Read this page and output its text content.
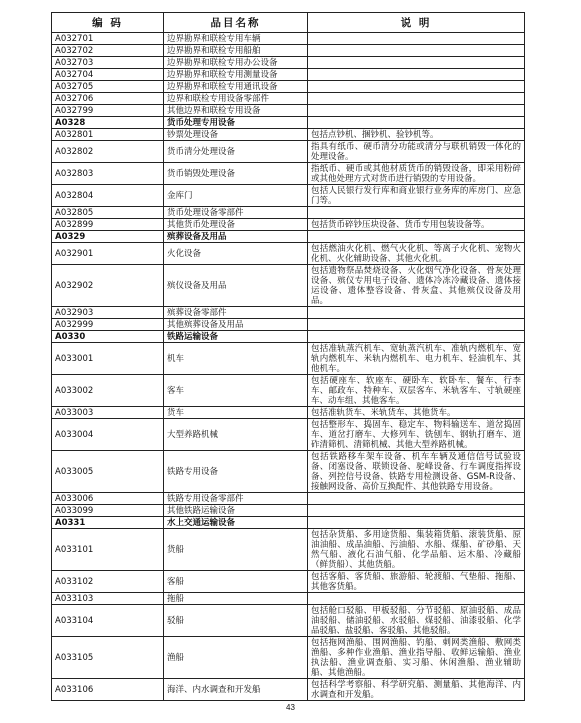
编 码	品目名称	说 明
A032701	边界勘界和联检专用车辆	
A032702	边界勘界和联检专用船舶	
A032703	边界勘界和联检专用办公设备	
A032704	边界勘界和联检专用测量设备	
A032705	边界勘界和联检专用通讯设备	
A032706	边界和联检专用设备零部件	
A032799	其他边界和联检专用设备	
A0328	货币处理专用设备	
A032801	钞票处理设备	包括点钞机、捆钞机、验钞机等。
A032802	货币清分处理设备	指具有纸币、硬币清分功能或清分与联机销毁一体化的处理设备。
A032803	货币销毁处理设备	指纸币、硬币或其他材质货币的销毁设备，即采用粉碎或其他处理方式对货币进行销毁的专用设备。
A032804	金库门	包括人民银行发行库和商业银行业务库的库房门、应急门等。
A032805	货币处理设备零部件	
A032899	其他货币处理设备	包括货币碎钞压块设备、货币专用包装设备等。
A0329	殡葬设备及用品	
A032901	火化设备	包括燃油火化机、燃气火化机、等离子火化机、宠物火化机、火化辅助设备、其他火化机。
A032902	殡仪设备及用品	包括遗物祭品焚烧设备、火化烟气净化设备、骨灰处理设备、殡仪专用电子设备、遗体冷冻冷藏设备、遗体接运设备、遗体整容设备、骨灰盒、其他殡仪设备及用品。
A032903	殡葬设备零部件	
A032999	其他殡葬设备及用品	
A0330	铁路运输设备	
A033001	机车	包括准轨蒸汽机车、宽轨蒸汽机车、准轨内燃机车、宽轨内燃机车、米轨内燃机车、电力机车、轻油机车、其他机车。
A033002	客车	包括硬座车、软座车、硬卧车、软卧车、餐车、行李车、邮政车、特种车、双层客车、米轨客车、寸轨硬座车、动车组、其他客车。
A033003	货车	包括准轨货车、米轨货车、其他货车。
A033004	大型养路机械	包括整形车、捣固车、稳定车、物料输送车、道岔捣固车、道岔打磨车、大修列车、铣刨车、钢轨打磨车、道砟清筛机、清筛机械、其他大型养路机械。
A033005	铁路专用设备	包括铁路移车架车设备、机车车辆及通信信号试验设备、闭塞设备、联锁设备、驼峰设备、行车调度指挥设备、列控信号设备、铁路专用检测设备、GSM-R设备、接触网设备、高价互换配件、其他铁路专用设备。
A033006	铁路专用设备零部件	
A033099	其他铁路运输设备	
A0331	水上交通运输设备	
A033101	货船	包括杂货船、多用途货船、集装箱货船、滚装货船、原油油船、成品油船、污油船、水船、煤船、矿砂船、天然气船、液化石油气船、化学品船、运木船、冷藏船（鲜货船）、其他货船。
A033102	客船	包括客船、客货船、旅游船、轮渡船、气垫船、拖船、其他客货船。
A033103	拖船	
A033104	驳船	包括舱口驳船、甲板驳船、分节驳船、原油驳船、成品油驳船、储油驳船、水驳船、煤驳船、油漆驳船、化学品驳船、盐驳船、客驳船、其他驳船。
A033105	渔船	包括拖网渔船、围网渔船、钓船、刺网类渔船、敷网类渔船、多种作业渔船、渔业指导船、收鲜运输船、渔业执法船、渔业调查船、实习船、休闲渔船、渔业辅助船、其他渔船。
A033106	海洋、内水调查和开发船	包括科学考察船、科学研究船、测量船、其他海洋、内水调查和开发船。
43
